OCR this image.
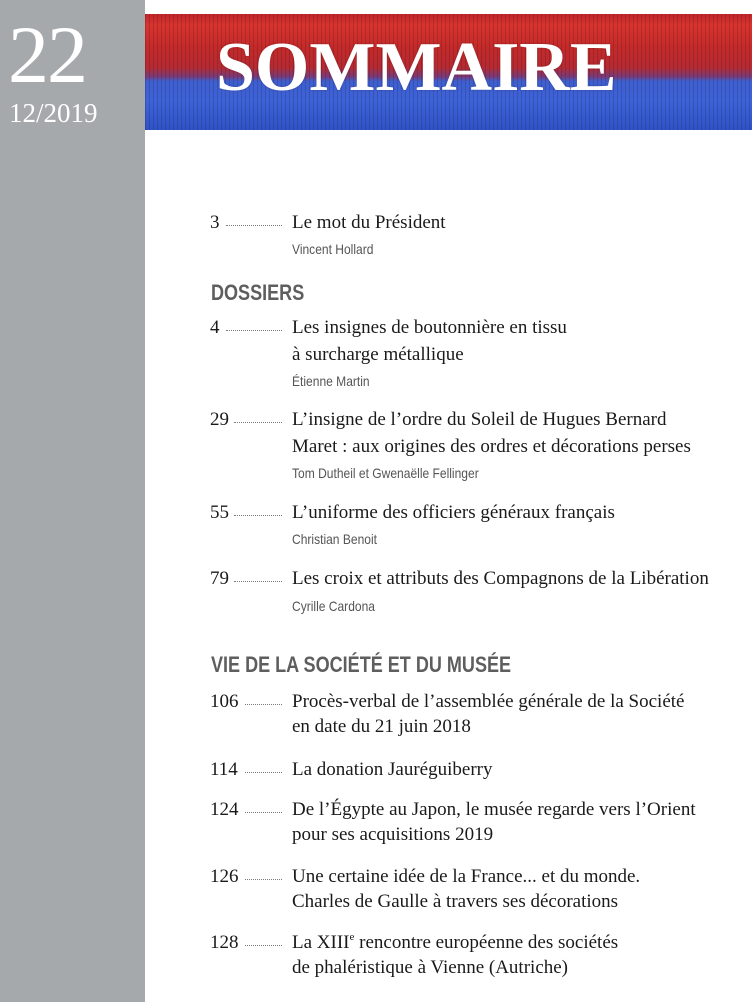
22
12/2019
SOMMAIRE
3	Le mot du Président
Vincent Hollard
DOSSIERS
4	Les insignes de boutonnière en tissu
à surcharge métallique
Étienne Martin
29	L’insigne de l’ordre du Soleil de Hugues Bernard
Maret : aux origines des ordres et décorations perses
Tom Dutheil et Gwenaëlle Fellinger
55	L’uniforme des officiers généraux français
Christian Benoit
79	Les croix et attributs des Compagnons de la Libération
Cyrille Cardona
VIE DE LA SOCIÉTÉ ET DU MUSÉE
106	Procès-verbal de l’assemblée générale de la Société
en date du 21 juin 2018
114	La donation Jauréguiberry
124	De l’Égypte au Japon, le musée regarde vers l’Orient
pour ses acquisitions 2019
126	Une certaine idée de la France... et du monde.
Charles de Gaulle à travers ses décorations
128	La XIIIe rencontre européenne des sociétés
de phaléristique à Vienne (Autriche)
